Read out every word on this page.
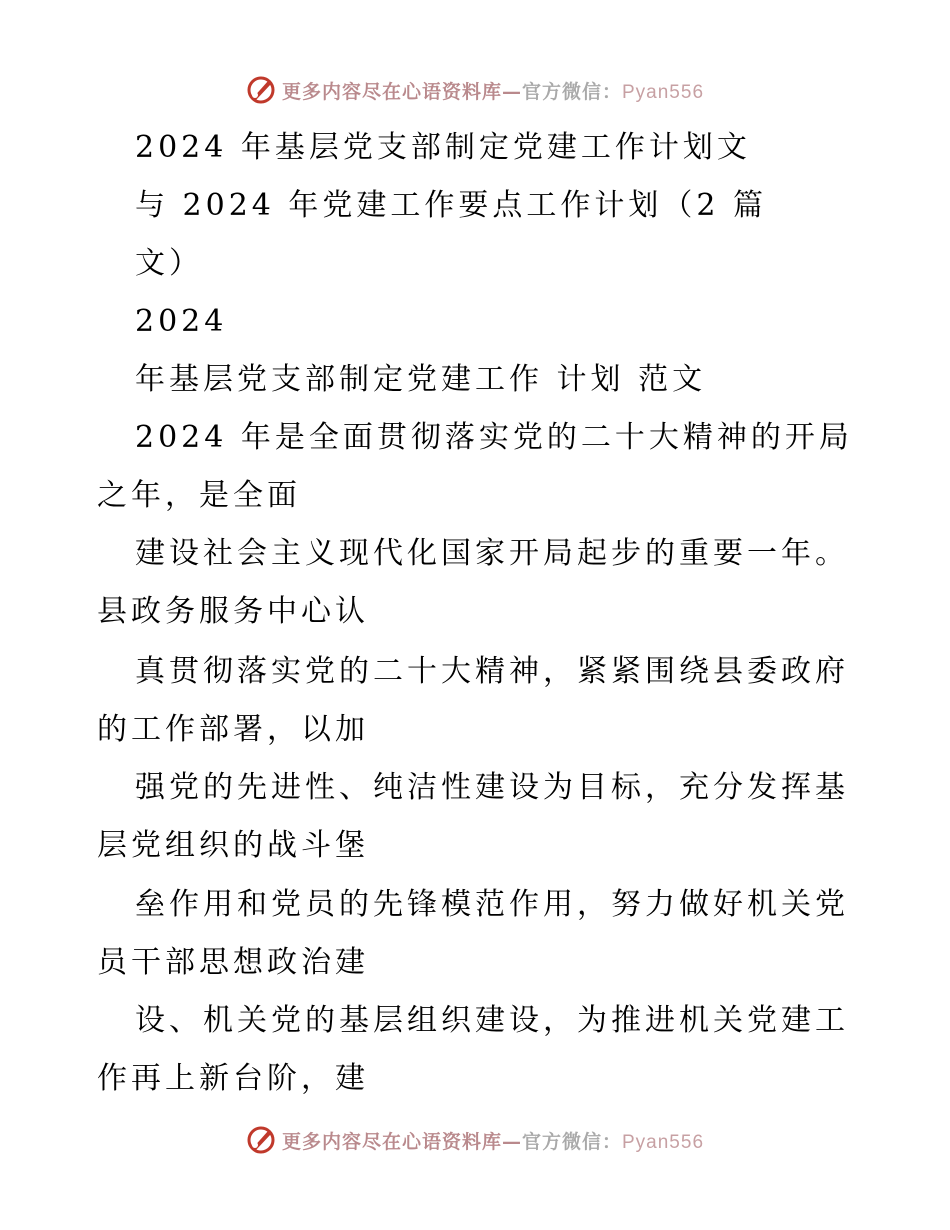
更多内容尽在心语资料库—官方微信：Pyan556
2024 年基层党支部制定党建工作计划文
与 2024 年党建工作要点工作计划（2 篇
文）
2024
年基层党支部制定党建工作 计划 范文
2024 年是全面贯彻落实党的二十大精神的开局
之年，是全面
建设社会主义现代化国家开局起步的重要一年。
县政务服务中心认
真贯彻落实党的二十大精神，紧紧围绕县委政府
的工作部署，以加
强党的先进性、纯洁性建设为目标，充分发挥基
层党组织的战斗堡
垒作用和党员的先锋模范作用，努力做好机关党
员干部思想政治建
设、机关党的基层组织建设，为推进机关党建工
作再上新台阶，建
更多内容尽在心语资料库—官方微信：Pyan556
